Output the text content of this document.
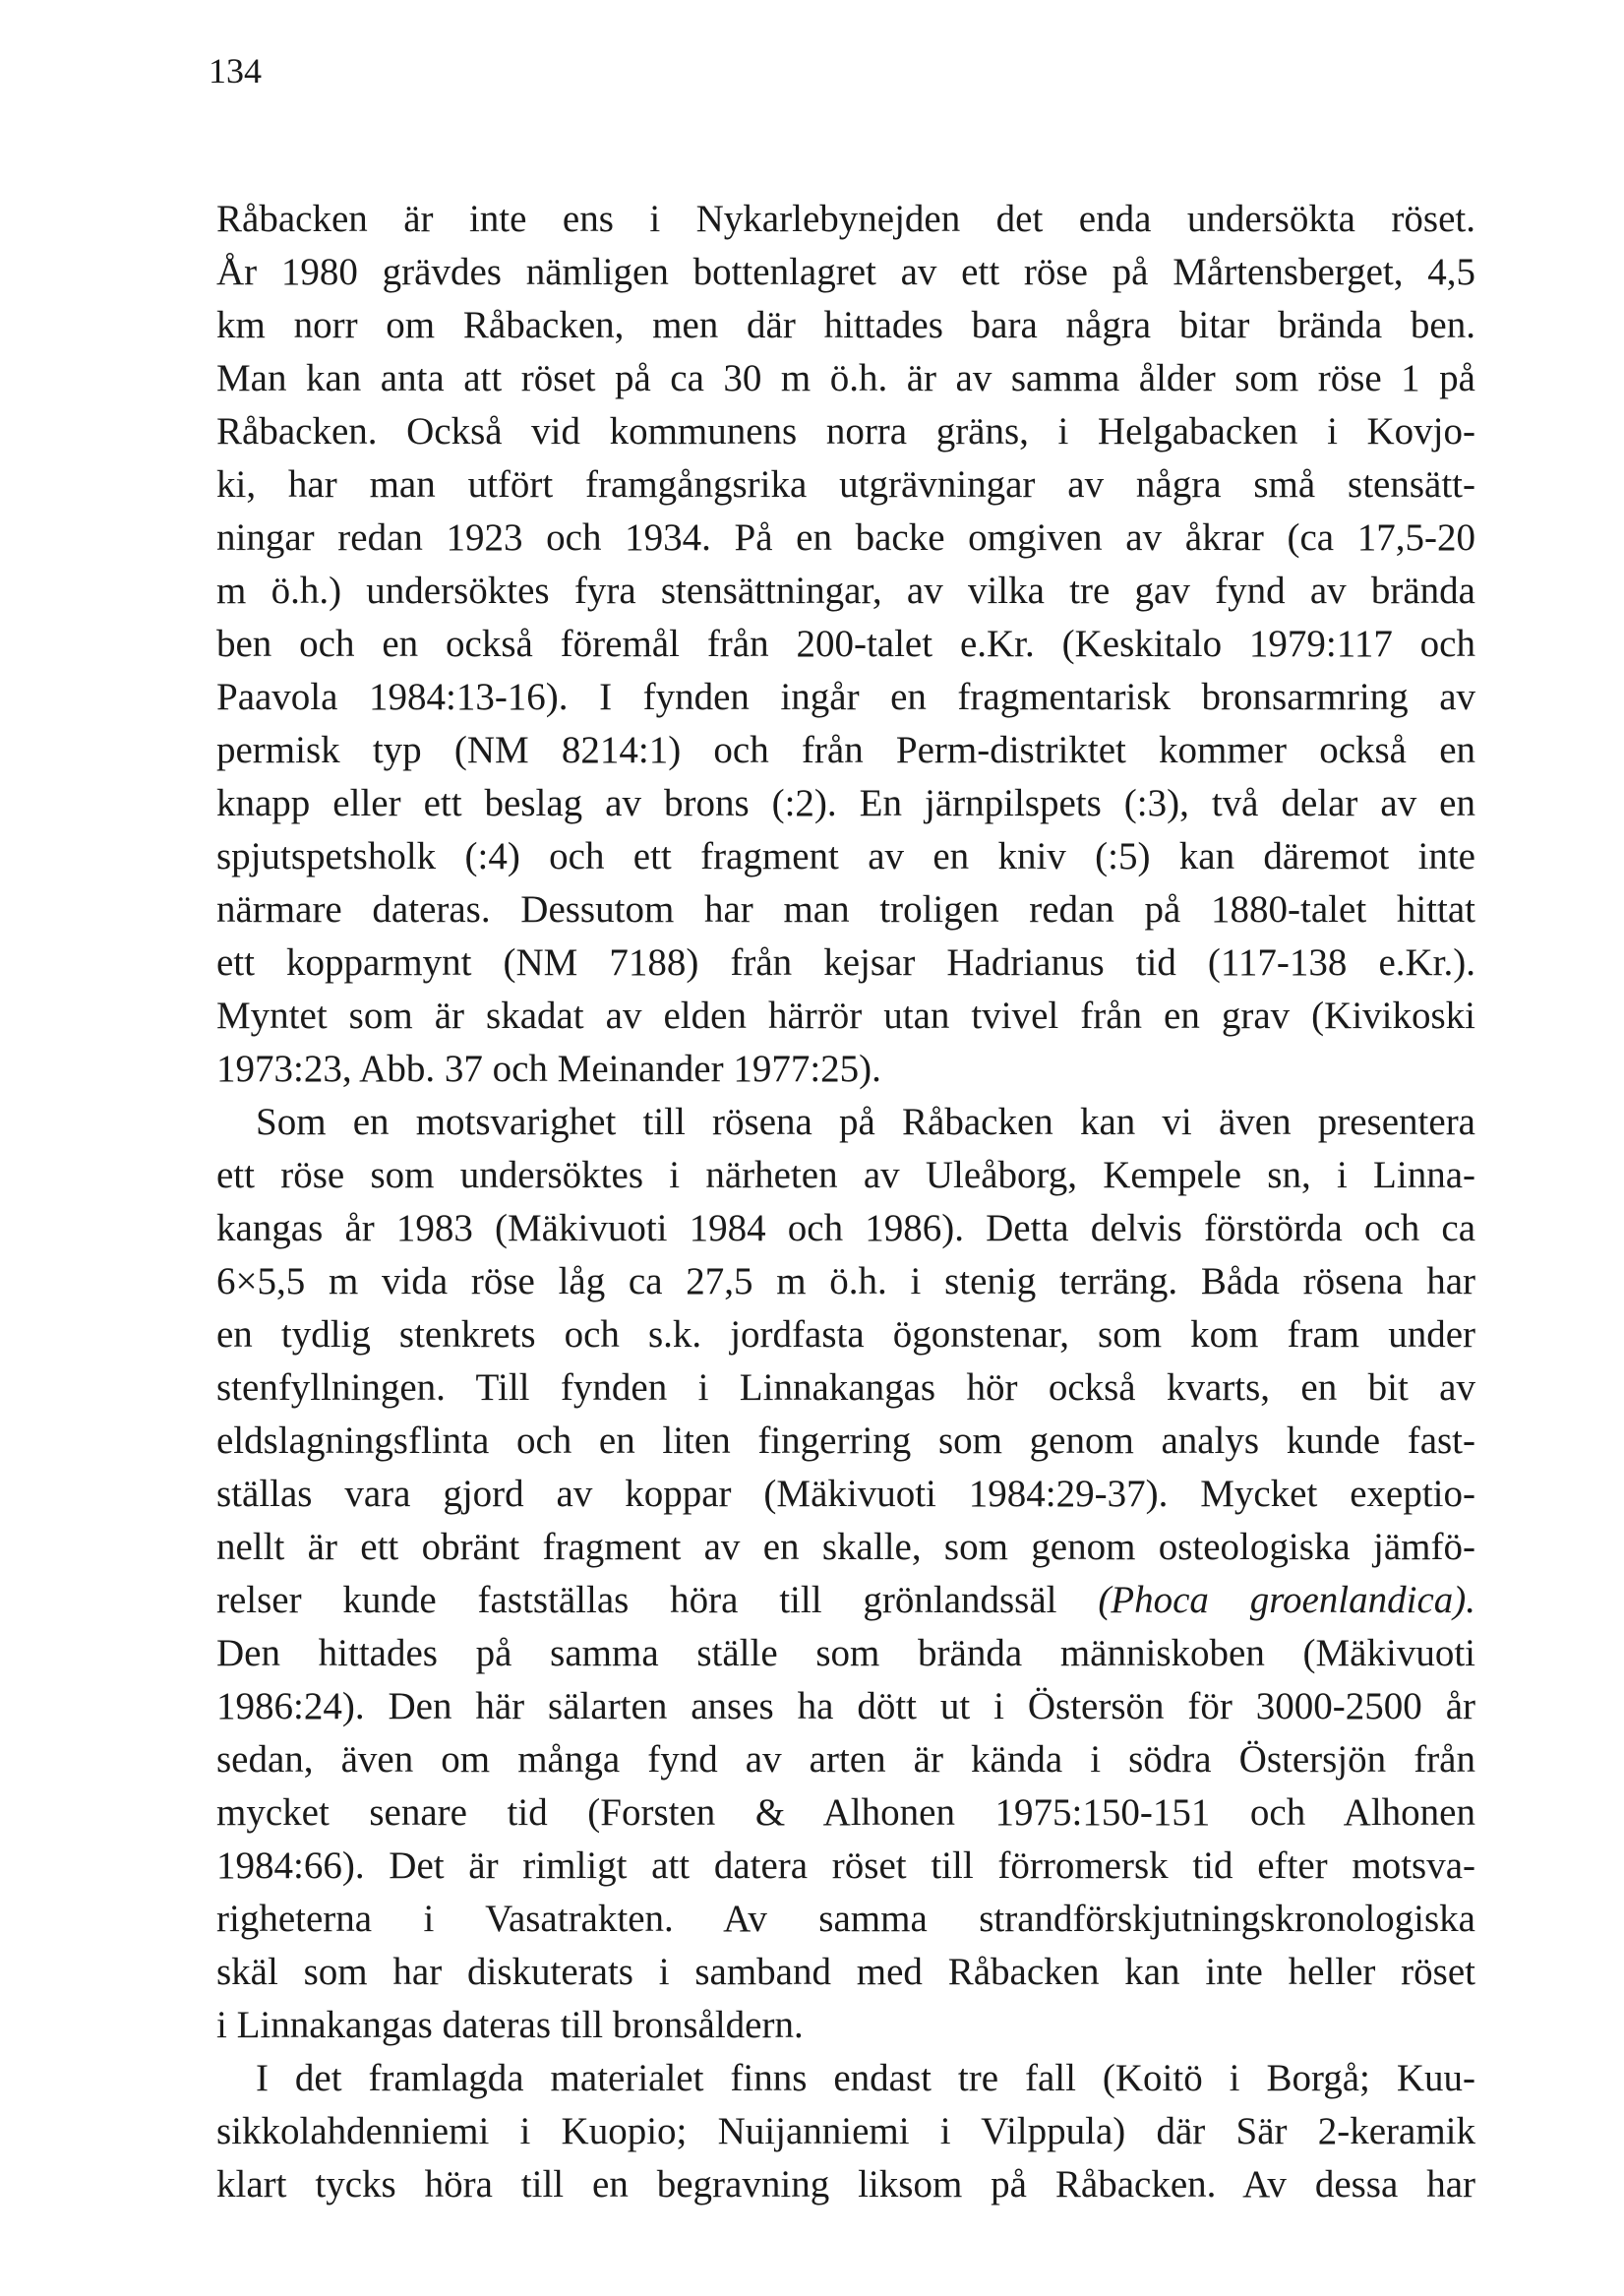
134
Råbacken är inte ens i Nykarlebynejden det enda undersökta röset.
År 1980 grävdes nämligen bottenlagret av ett röse på Mårtensberget, 4,5
km norr om Råbacken, men där hittades bara några bitar brända ben.
Man kan anta att röset på ca 30 m ö.h. är av samma ålder som röse 1 på
Råbacken. Också vid kommunens norra gräns, i Helgabacken i Kovjo-
ki, har man utfört framgångsrika utgrävningar av några små stensätt-
ningar redan 1923 och 1934. På en backe omgiven av åkrar (ca 17,5-20
m ö.h.) undersöktes fyra stensättningar, av vilka tre gav fynd av brända
ben och en också föremål från 200-talet e.Kr. (Keskitalo 1979:117 och
Paavola 1984:13-16). I fynden ingår en fragmentarisk bronsarmring av
permisk typ (NM 8214:1) och från Perm-distriktet kommer också en
knapp eller ett beslag av brons (:2). En järnpilspets (:3), två delar av en
spjutspetsholk (:4) och ett fragment av en kniv (:5) kan däremot inte
närmare dateras. Dessutom har man troligen redan på 1880-talet hittat
ett kopparmynt (NM 7188) från kejsar Hadrianus tid (117-138 e.Kr.).
Myntet som är skadat av elden härrör utan tvivel från en grav (Kivikoski
1973:23, Abb. 37 och Meinander 1977:25).
Som en motsvarighet till rösena på Råbacken kan vi även presentera
ett röse som undersöktes i närheten av Uleåborg, Kempele sn, i Linna-
kangas år 1983 (Mäkivuoti 1984 och 1986). Detta delvis förstörda och ca
6×5,5 m vida röse låg ca 27,5 m ö.h. i stenig terräng. Båda rösena har
en tydlig stenkrets och s.k. jordfasta ögonstenar, som kom fram under
stenfyllningen. Till fynden i Linnakangas hör också kvarts, en bit av
eldslagningsflinta och en liten fingerring som genom analys kunde fast-
ställas vara gjord av koppar (Mäkivuoti 1984:29-37). Mycket exeptio-
nellt är ett obränt fragment av en skalle, som genom osteologiska jämfö-
relser kunde fastställas höra till grönlandssäl (Phoca groenlandica).
Den hittades på samma ställe som brända människoben (Mäkivuoti
1986:24). Den här sälarten anses ha dött ut i Östersön för 3000-2500 år
sedan, även om många fynd av arten är kända i södra Östersjön från
mycket senare tid (Forsten & Alhonen 1975:150-151 och Alhonen
1984:66). Det är rimligt att datera röset till förromersk tid efter motsva-
righeterna i Vasatrakten. Av samma strandförskjutningskronologiska
skäl som har diskuterats i samband med Råbacken kan inte heller röset
i Linnakangas dateras till bronsåldern.
I det framlagda materialet finns endast tre fall (Koitö i Borgå; Kuu-
sikkolahdenniemi i Kuopio; Nuijanniemi i Vilppula) där Sär 2-keramik
klart tycks höra till en begravning liksom på Råbacken. Av dessa har
